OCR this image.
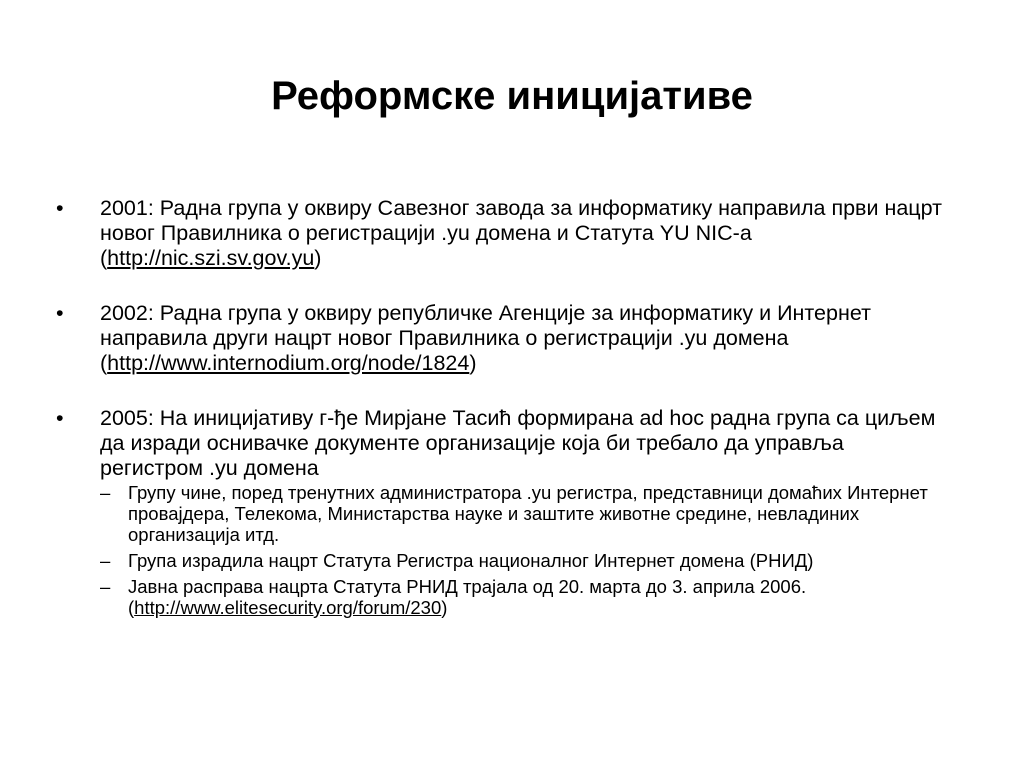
Реформске иницијативе
• 2001: Радна група у оквиру Савезног завода за информатику направила први нацрт новог Правилника о регистрацији .yu домена и Статута YU NIC-а (http://nic.szi.sv.gov.yu)
• 2002: Радна група у оквиру републичке Агенције за информатику и Интернет направила други нацрт новог Правилника о регистрацији .yu домена (http://www.internodium.org/node/1824)
• 2005: На иницијативу г-ђе Мирјане Тасић формирана ad hoc радна група са циљем да изради оснивачке документе организације која би требало да управља регистром .yu домена
– Групу чине, поред тренутних администратора .yu регистра, представници домаћих Интернет провајдера, Телекома, Министарства науке и заштите животне средине, невладиних организација итд.
– Група израдила нацрт Статута Регистра националног Интернет домена (РНИД)
– Јавна расправа нацрта Статута РНИД трајала од 20. марта до 3. априла 2006. (http://www.elitesecurity.org/forum/230)
